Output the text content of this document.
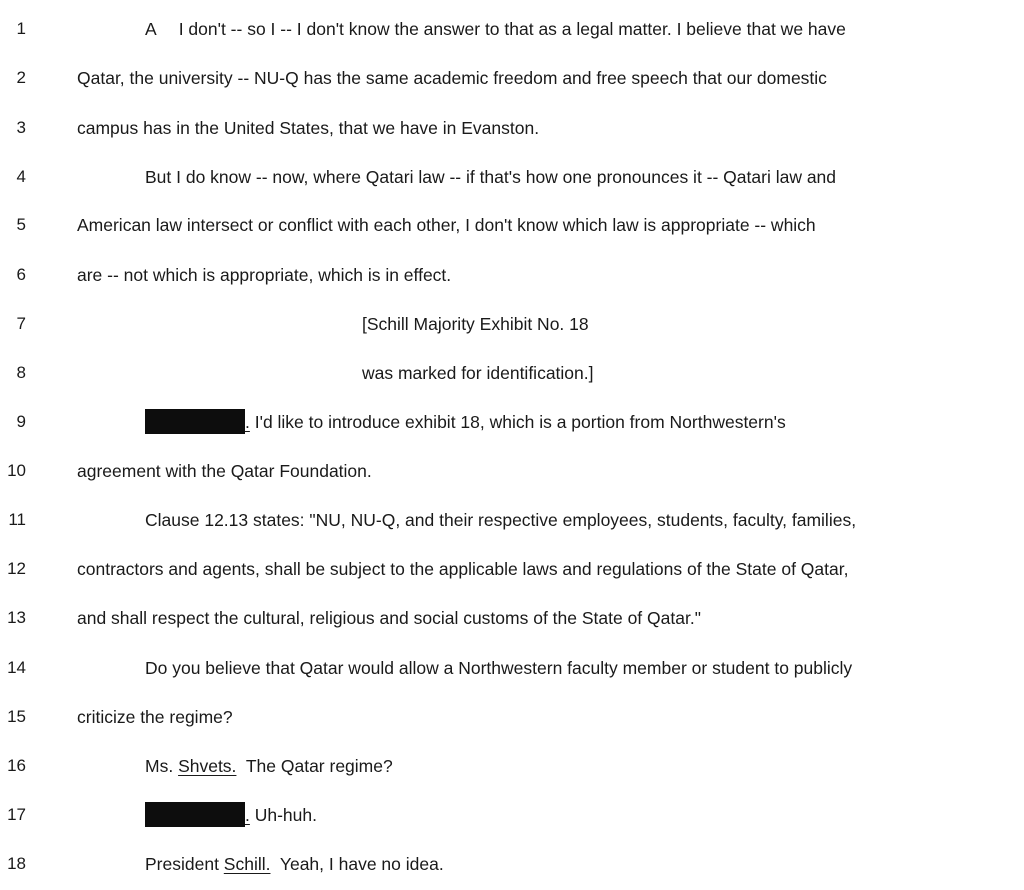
1	A I don't -- so I -- I don't know the answer to that as a legal matter. I believe that we have
2	Qatar, the university -- NU-Q has the same academic freedom and free speech that our domestic
3	campus has in the United States, that we have in Evanston.
4	But I do know -- now, where Qatari law -- if that's how one pronounces it -- Qatari law and
5	American law intersect or conflict with each other, I don't know which law is appropriate -- which
6	are -- not which is appropriate, which is in effect.
7	[Schill Majority Exhibit No. 18
8	was marked for identification.]
9	. I'd like to introduce exhibit 18, which is a portion from Northwestern's
10	agreement with the Qatar Foundation.
11	Clause 12.13 states: "NU, NU-Q, and their respective employees, students, faculty, families,
12	contractors and agents, shall be subject to the applicable laws and regulations of the State of Qatar,
13	and shall respect the cultural, religious and social customs of the State of Qatar."
14	Do you believe that Qatar would allow a Northwestern faculty member or student to publicly
15	criticize the regime?
16	Ms. Shvets.  The Qatar regime?
17	. Uh-huh.
18	President Schill.  Yeah, I have no idea.
